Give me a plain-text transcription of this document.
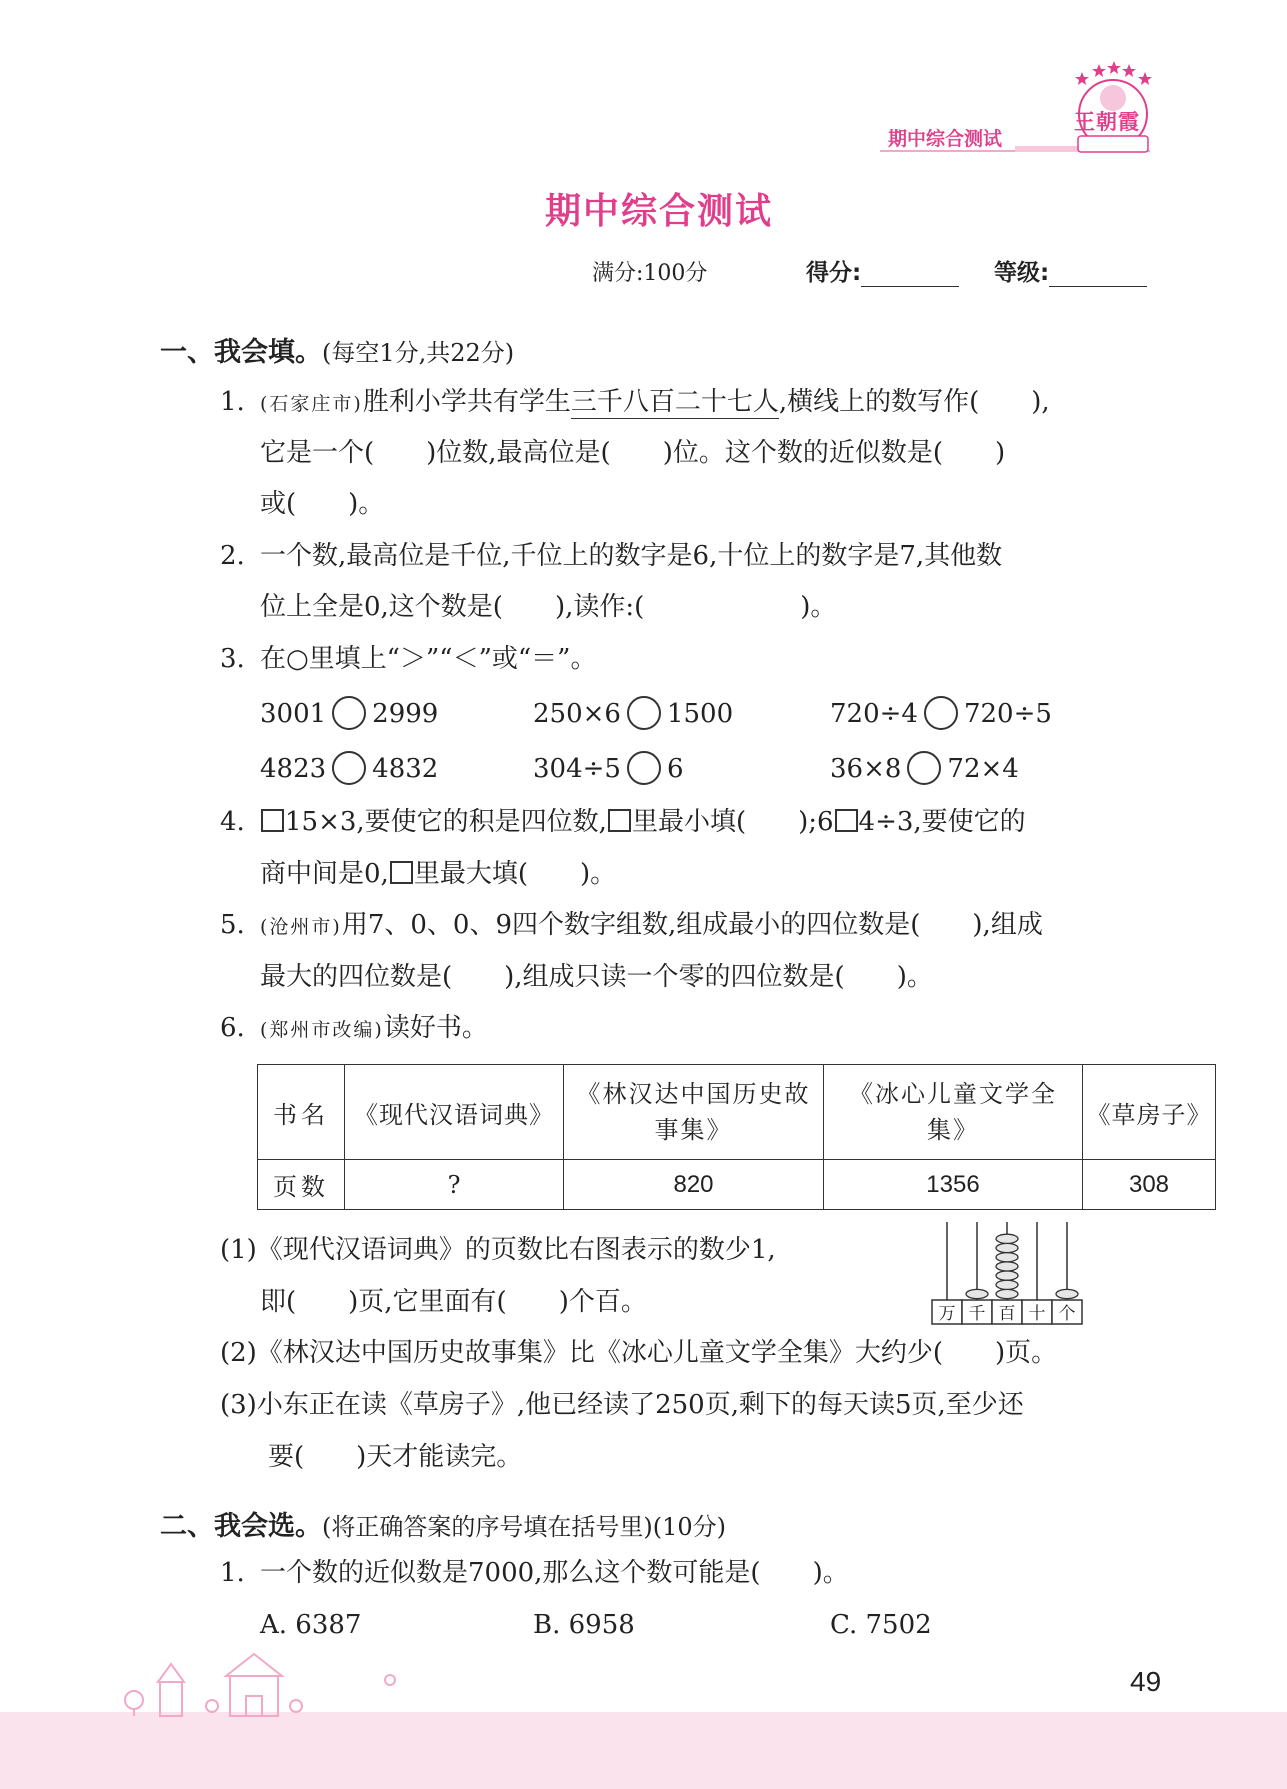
期中综合测试
王朝霞
期中综合测试
满分:100分	得分:	等级:
一、我会填。(每空1分,共22分)
1. (石家庄市)胜利小学共有学生三千八百二十七人,横线上的数写作(　　),
它是一个(　　)位数,最高位是(　　)位。这个数的近似数是(　　)
或(　　)。
2. 一个数,最高位是千位,千位上的数字是6,十位上的数字是7,其他数
位上全是0,这个数是(　　),读作:(　　　　　　)。
3. 在○里填上“＞”“＜”或“＝”。
3001 2999	250×6 1500	720÷4 720÷5
4823 4832	304÷5 6	36×8 72×4
4. 15×3,要使它的积是四位数, 里最小填(　　);6 4÷3,要使它的
商中间是0, 里最大填(　　)。
5. (沧州市)用7、0、0、9四个数字组数,组成最小的四位数是(　　),组成
最大的四位数是(　　),组成只读一个零的四位数是(　　)。
6. (郑州市改编)读好书。
书名	《现代汉语词典》	《林汉达中国历史故事集》	《冰心儿童文学全集》	《草房子》
页数	?	820	1356	308
万 千 百 十 个
(1)《现代汉语词典》的页数比右图表示的数少1,
即(　　)页,它里面有(　　)个百。
(2)《林汉达中国历史故事集》比《冰心儿童文学全集》大约少(　　)页。
(3)小东正在读《草房子》,他已经读了250页,剩下的每天读5页,至少还
要(　　)天才能读完。
二、我会选。(将正确答案的序号填在括号里)(10分)
1. 一个数的近似数是7000,那么这个数可能是(　　)。
A. 6387	B. 6958	C. 7502
49
